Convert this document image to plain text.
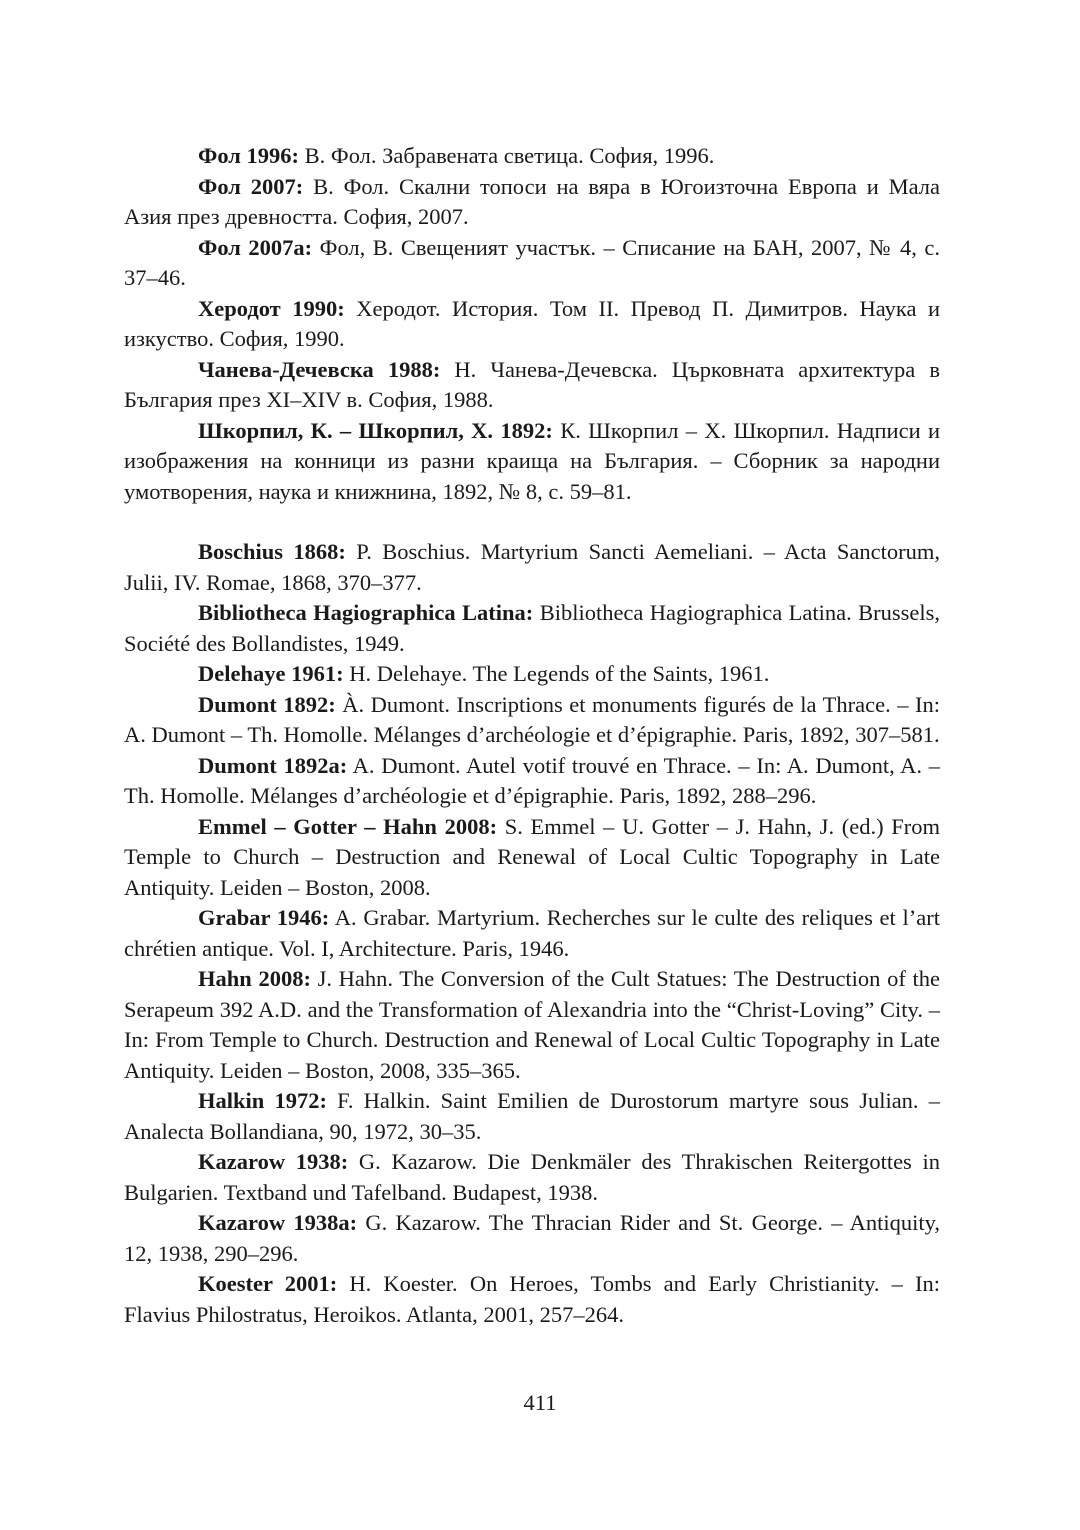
Фол 1996: В. Фол. Забравената светица. София, 1996.

Фол 2007: В. Фол. Скални топоси на вяра в Югоизточна Европа и Мала Азия през древността. София, 2007.

Фол 2007а: Фол, В. Свещеният участък. – Списание на БАН, 2007, № 4, с. 37–46.

Херодот 1990: Херодот. История. Том II. Превод П. Димитров. Наука и изкуство. София, 1990.

Чанева-Дечевска 1988: Н. Чанева-Дечевска. Църковната архитектура в България през XI–XIV в. София, 1988.

Шкорпил, К. – Шкорпил, Х. 1892: К. Шкорпил – Х. Шкорпил. Надписи и изображения на конници из разни краища на България. – Сборник за народни умотворения, наука и книжнина, 1892, № 8, с. 59–81.

Boschius 1868: P. Boschius. Martyrium Sancti Aemeliani. – Acta Sanctorum, Julii, IV. Romae, 1868, 370–377.

Bibliotheca Hagiographica Latina: Bibliotheca Hagiographica Latina. Brussels, Société des Bollandistes, 1949.

Delehaye 1961: H. Delehaye. The Legends of the Saints, 1961.

Dumont 1892: À. Dumont. Inscriptions et monuments figurés de la Thrace. – In: A. Dumont – Th. Homolle. Mélanges d’archéologie et d’épigraphie. Paris, 1892, 307–581.

Dumont 1892a: A. Dumont. Autel votif trouvé en Thrace. – In: A. Dumont, A. – Th. Homolle. Mélanges d’archéologie et d’épigraphie. Paris, 1892, 288–296.

Emmel – Gotter – Hahn 2008: S. Emmel – U. Gotter – J. Hahn, J. (ed.) From Temple to Church – Destruction and Renewal of Local Cultic Topography in Late Antiquity. Leiden – Boston, 2008.

Grabar 1946: A. Grabar. Martyrium. Recherches sur le culte des reliques et l’art chrétien antique. Vol. I, Architecture. Paris, 1946.

Hahn 2008: J. Hahn. The Conversion of the Cult Statues: The Destruction of the Serapeum 392 A.D. and the Transformation of Alexandria into the “Christ-Loving” City. – In: From Temple to Church. Destruction and Renewal of Local Cultic Topography in Late Antiquity. Leiden – Boston, 2008, 335–365.

Halkin 1972: F. Halkin. Saint Emilien de Durostorum martyre sous Julian. – Analecta Bollandiana, 90, 1972, 30–35.

Kazarow 1938: G. Kazarow. Die Denkmäler des Thrakischen Reitergottes in Bulgarien. Textband und Tafelband. Budapest, 1938.

Kazarow 1938a: G. Kazarow. The Thracian Rider and St. George. – Antiquity, 12, 1938, 290–296.

Koester 2001: H. Koester. On Heroes, Tombs and Early Christianity. – In: Flavius Philostratus, Heroikos. Atlanta, 2001, 257–264.

411
